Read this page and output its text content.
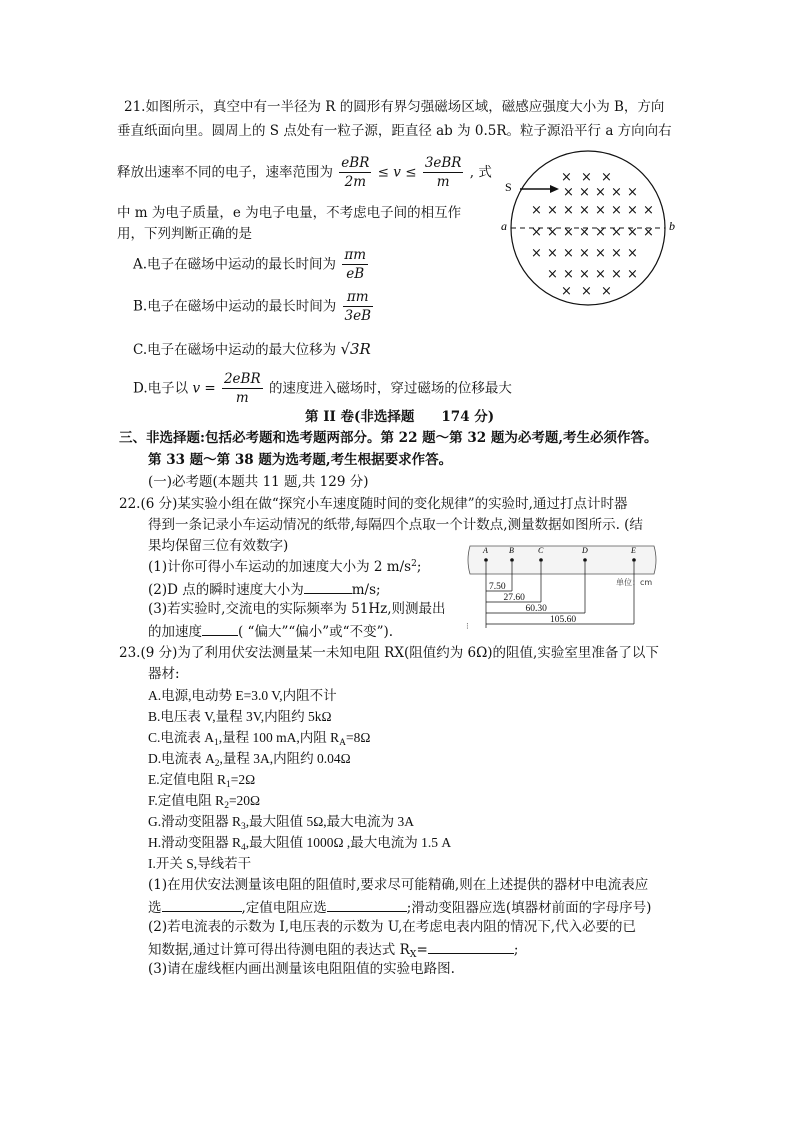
21.如图所示，真空中有一半径为 R 的圆形有界匀强磁场区域，磁感应强度大小为 B，方向
垂直纸面向里。圆周上的 S 点处有一粒子源，距直径 ab 为 0.5R。粒子源沿平行 a 方向向右
释放出速率不同的电子，速率范围为 $\frac{\text{eBR}}{2m} \le v \le \frac{\text{3eBR}}{m}$ , 式
中 m 为电子质量，e 为电子电量，不考虑电子间的相互作
用，下列判断正确的是
A.电子在磁场中运动的最长时间为 $\frac{\pi m}{eB}$
B.电子在磁场中运动的最长时间为 $\frac{\pi m}{3eB}$
C.电子在磁场中运动的最大位移为 √3R
D.电子以 $v = \frac{\text{2eBR}}{m}$ 的速度进入磁场时，穿过磁场的位移最大
S
a	b
× × ×
× × × × ×
× × × × × × × ×
× × × × × × × ×
× × × × × × ×
× × × × × ×
× × ×
第 II 卷(非选择题　　174 分)
三、非选择题:包括必考题和选考题两部分。第 22 题～第 32 题为必考题,考生必须作答。
第 33 题～第 38 题为选考题,考生根据要求作答。
(一)必考题(本题共 11 题,共 129 分)
22.(6 分)某实验小组在做“探究小车速度随时间的变化规律”的实验时,通过打点计时器
得到一条记录小车运动情况的纸带,每隔四个点取一个计数点,测量数据如图所示. (结
果均保留三位有效数字)
(1)计你可得小车运动的加速度大小为 2 $m/s^2$;
(2)D 点的瞬时速度大小为	m/s;
(3)若实验时,交流电的实际频率为 51Hz,则测最出
的加速度	( “偏大”“偏小”或“不变”).
A	B	C	D	E
单位：cm
7.50
27.60
60.30
105.60
⁝
23.(9 分)为了利用伏安法测量某一未知电阻 RX(阻值约为 6Ω)的阻值,实验室里准备了以下
器材:
A.电源,电动势 E=3.0 V,内阻不计
B.电压表 V,量程 3V,内阻约 5kΩ
C.电流表 $A_1$,量程 100 mA,内阻 $R_A=8\Omega$
D.电流表 $A_2$,量程 3A,内阻约 0.04Ω
E.定值电阻 $R_1=2\Omega$
F.定值电阻 $R_2=20\Omega$
G.滑动变阻器 $R_3$,最大阻值 5Ω,最大电流为 3A
H.滑动变阻器 $R_4$,最大阻值 1000Ω ,最大电流为 1.5 A
I.开关 S,导线若干
(1)在用伏安法测量该电阻的阻值时,要求尽可能精确,则在上述提供的器材中电流表应
选	,定值电阻应选	;滑动变阻器应选(填器材前面的字母序号)
(2)若电流表的示数为 I,电压表的示数为 U,在考虑电表内阻的情况下,代入必要的已
知数据,通过计算可得出待测电阻的表达式 $R_X=$	;
(3)请在虚线框内画出测量该电阻阻值的实验电路图.
